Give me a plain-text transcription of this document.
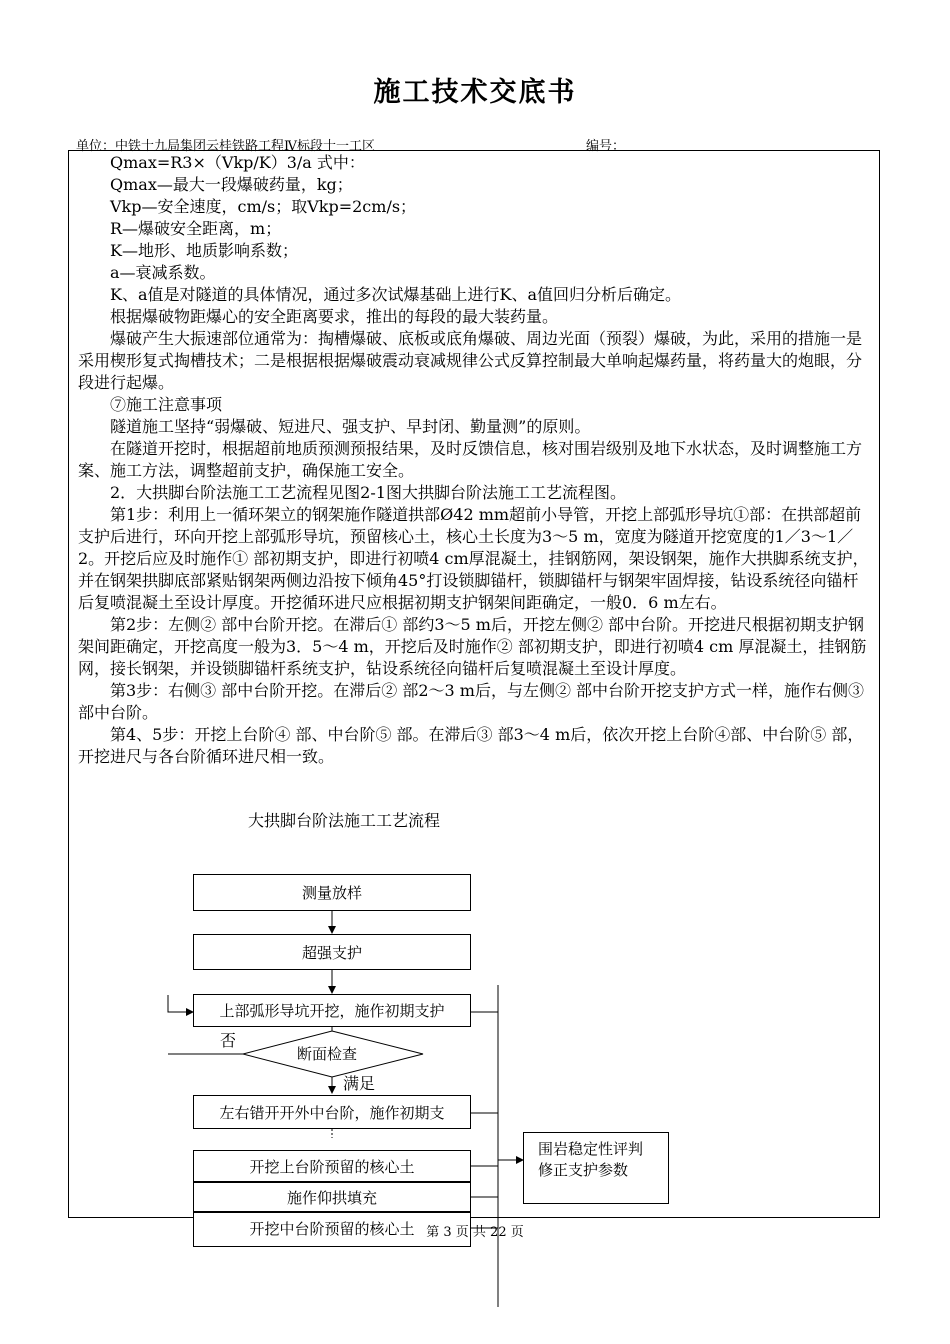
施工技术交底书
单位：中铁十九局集团云桂铁路工程Ⅳ标段十一工区	编号：

Qmax=R3×（Vkp/K）3/a 式中：

Qmax—最大一段爆破药量，kg；

Vkp—安全速度，cm/s；取Vkp=2cm/s；

R—爆破安全距离，m；

K—地形、地质影响系数；

a—衰减系数。

K、a值是对隧道的具体情况，通过多次试爆基础上进行K、a值回归分析后确定。

根据爆破物距爆心的安全距离要求，推出的每段的最大装药量。

爆破产生大振速部位通常为：掏槽爆破、底板或底角爆破、周边光面（预裂）爆破，为此，采用的措施一是采用楔形复式掏槽技术；二是根据根据爆破震动衰减规律公式反算控制最大单响起爆药量，将药量大的炮眼，分段进行起爆。

⑦施工注意事项

隧道施工坚持“弱爆破、短进尺、强支护、早封闭、勤量测”的原则。

在隧道开挖时，根据超前地质预测预报结果，及时反馈信息，核对围岩级别及地下水状态，及时调整施工方案、施工方法，调整超前支护，确保施工安全。

2．大拱脚台阶法施工工艺流程见图2-1图大拱脚台阶法施工工艺流程图。

第1步：利用上一循环架立的钢架施作隧道拱部Ø42 mm超前小导管，开挖上部弧形导坑①部：在拱部超前支护后进行，环向开挖上部弧形导坑，预留核心土，核心土长度为3～5 m，宽度为隧道开挖宽度的1／3～1／2。开挖后应及时施作① 部初期支护，即进行初喷4 cm厚混凝土，挂钢筋网，架设钢架，施作大拱脚系统支护，并在钢架拱脚底部紧贴钢架两侧边沿按下倾角45°打设锁脚锚杆，锁脚锚杆与钢架牢固焊接，钻设系统径向锚杆后复喷混凝土至设计厚度。开挖循环进尺应根据初期支护钢架间距确定，一般0．6 m左右。

第2步：左侧② 部中台阶开挖。在滞后① 部约3～5 m后，开挖左侧② 部中台阶。开挖进尺根据初期支护钢架间距确定，开挖高度一般为3．5～4 m，开挖后及时施作② 部初期支护，即进行初喷4 cm 厚混凝土，挂钢筋网，接长钢架，并设锁脚锚杆系统支护，钻设系统径向锚杆后复喷混凝土至设计厚度。

第3步：右侧③ 部中台阶开挖。在滞后② 部2～3 m后，与左侧② 部中台阶开挖支护方式一样，施作右侧③ 部中台阶。

第4、5步：开挖上台阶④ 部、中台阶⑤ 部。在滞后③ 部3～4 m后，依次开挖上台阶④部、中台阶⑤ 部，开挖进尺与各台阶循环进尺相一致。

大拱脚台阶法施工工艺流程
测量放样
超强支护
上部弧形导坑开挖，施作初期支护
断面检查
否
满足
左右错开开外中台阶，施作初期支
开挖上台阶预留的核心土
施作仰拱填充
开挖中台阶预留的核心土
围岩稳定性评判
修正支护参数
第 3 页 共 22 页
